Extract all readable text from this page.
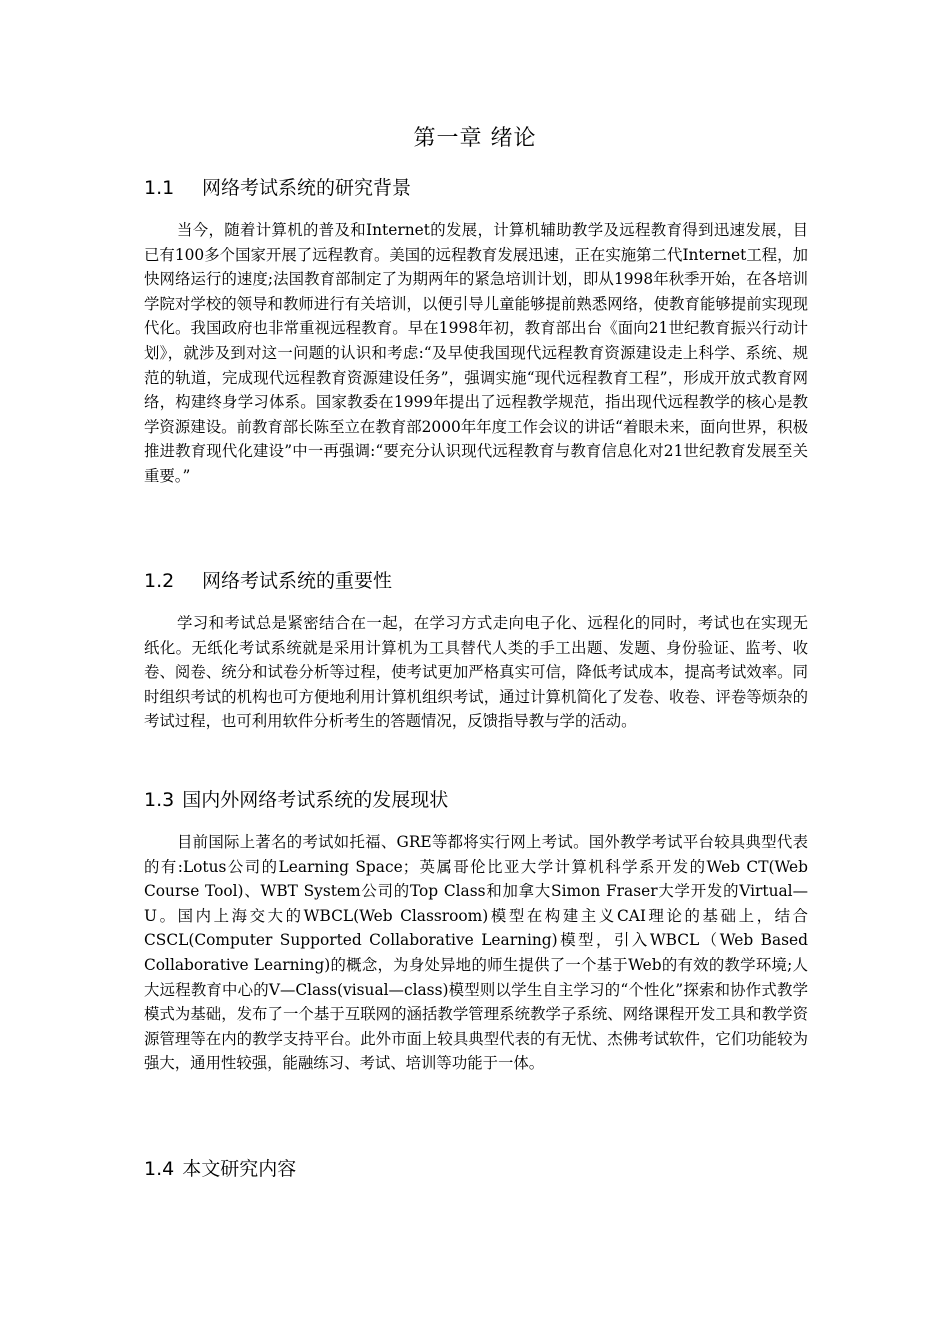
第一章 绪论
1.1 网络考试系统的研究背景

当今，随着计算机的普及和Internet的发展，计算机辅助教学及远程教育得到迅速发展，目已有100多个国家开展了远程教育。美国的远程教育发展迅速，正在实施第二代Internet工程，加快网络运行的速度;法国教育部制定了为期两年的紧急培训计划，即从1998年秋季开始，在各培训学院对学校的领导和教师进行有关培训，以便引导儿童能够提前熟悉网络，使教育能够提前实现现代化。我国政府也非常重视远程教育。早在1998年初，教育部出台《面向21世纪教育振兴行动计划》，就涉及到对这一问题的认识和考虑:“及早使我国现代远程教育资源建设走上科学、系统、规范的轨道，完成现代远程教育资源建设任务”，强调实施“现代远程教育工程”，形成开放式教育网络，构建终身学习体系。国家教委在1999年提出了远程教学规范，指出现代远程教学的核心是教学资源建设。前教育部长陈至立在教育部2000年年度工作会议的讲话“着眼未来，面向世界，积极推进教育现代化建设”中一再强调:“要充分认识现代远程教育与教育信息化对21世纪教育发展至关重要。”

1.2 网络考试系统的重要性

学习和考试总是紧密结合在一起，在学习方式走向电子化、远程化的同时，考试也在实现无纸化。无纸化考试系统就是采用计算机为工具替代人类的手工出题、发题、身份验证、监考、收卷、阅卷、统分和试卷分析等过程，使考试更加严格真实可信，降低考试成本，提高考试效率。同时组织考试的机构也可方便地利用计算机组织考试，通过计算机简化了发卷、收卷、评卷等烦杂的考试过程，也可利用软件分析考生的答题情况，反馈指导教与学的活动。

1.3 国内外网络考试系统的发展现状

目前国际上著名的考试如托福、GRE等都将实行网上考试。国外教学考试平台较具典型代表的有:Lotus公司的Learning Space；英属哥伦比亚大学计算机科学系开发的Web CT(Web Course Tool)、WBT System公司的Top Class和加拿大Simon Fraser大学开发的Virtual—U。国内上海交大的WBCL(Web Classroom)模型在构建主义CAI理论的基础上，结合CSCL(Computer Supported Collaborative Learning)模型，引入WBCL（Web Based Collaborative Learning)的概念，为身处异地的师生提供了一个基于Web的有效的教学环境;人大远程教育中心的V—Class(visual—class)模型则以学生自主学习的“个性化”探索和协作式教学模式为基础，发布了一个基于互联网的涵括教学管理系统教学子系统、网络课程开发工具和教学资源管理等在内的教学支持平台。此外市面上较具典型代表的有无忧、杰佛考试软件，它们功能较为强大，通用性较强，能融练习、考试、培训等功能于一体。

1.4 本文研究内容
